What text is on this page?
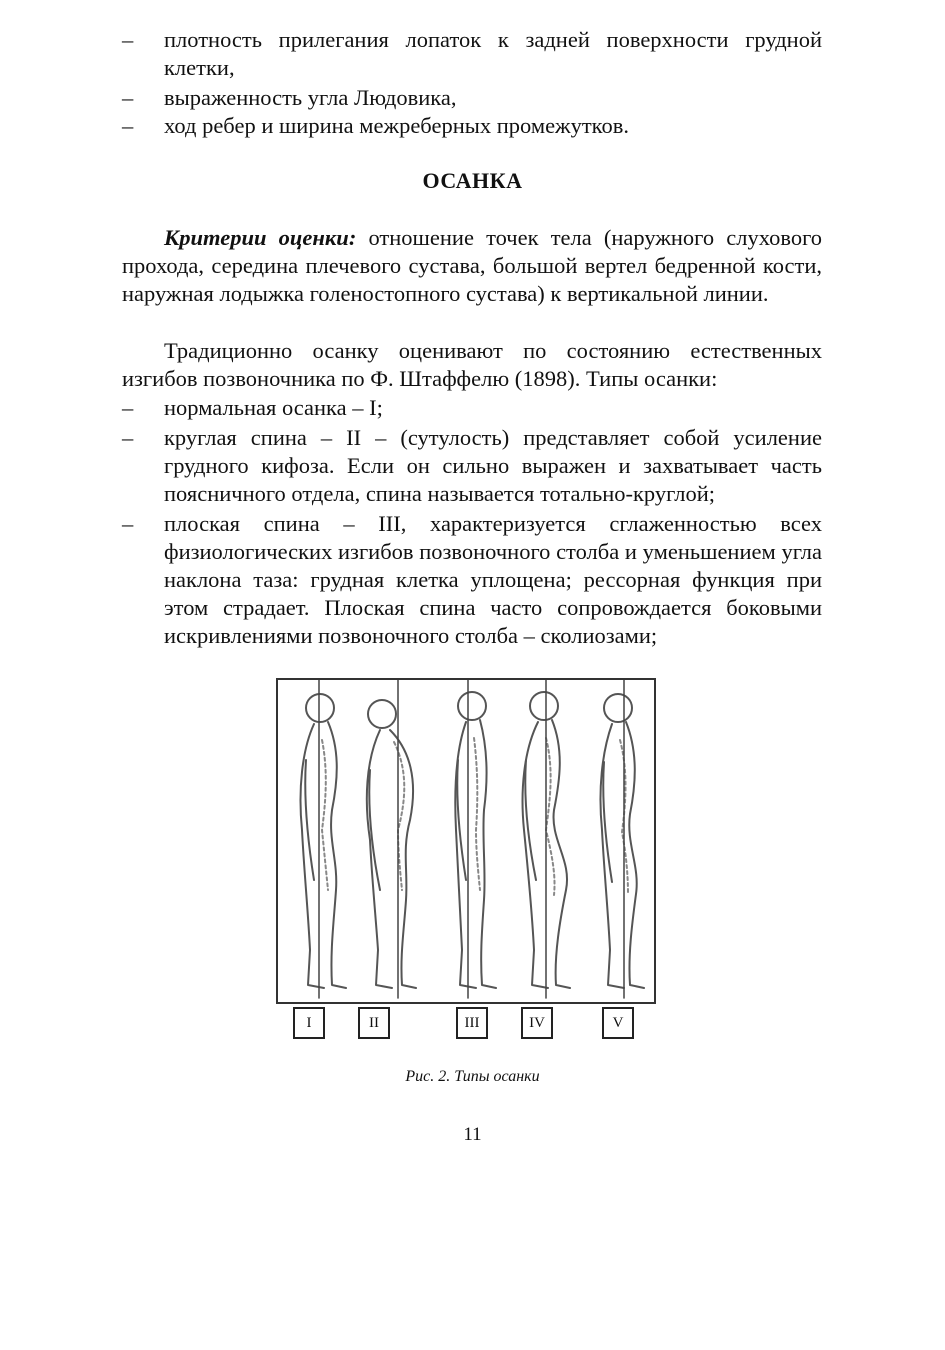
–	плотность прилегания лопаток к задней поверхности грудной клетки,
–	выраженность угла Людовика,
–	ход ребер и ширина межреберных промежутков.
ОСАНКА
Критерии оценки: отношение точек тела (наружного слухового прохода, середина плечевого сустава, большой вертел бедренной кости, наружная лодыжка голеностопного сустава) к вертикальной линии.
Традиционно осанку оценивают по состоянию естественных изгибов позвоночника по Ф. Штаффелю (1898). Типы осанки:
–	нормальная осанка – I;
–	круглая спина – II – (сутулость) представляет собой усиление грудного кифоза. Если он сильно выражен и захватывает часть поясничного отдела, спина называется тотально-круглой;
–	плоская спина – III, характеризуется сглаженностью всех физиологических изгибов позвоночного столба и уменьшением угла наклона таза: грудная клетка уплощена; рессорная функция при этом страдает. Плоская спина часто сопровождается боковыми искривлениями позвоночного столба – сколиозами;
I	II	III	IV	V
Рис. 2. Типы осанки
11
